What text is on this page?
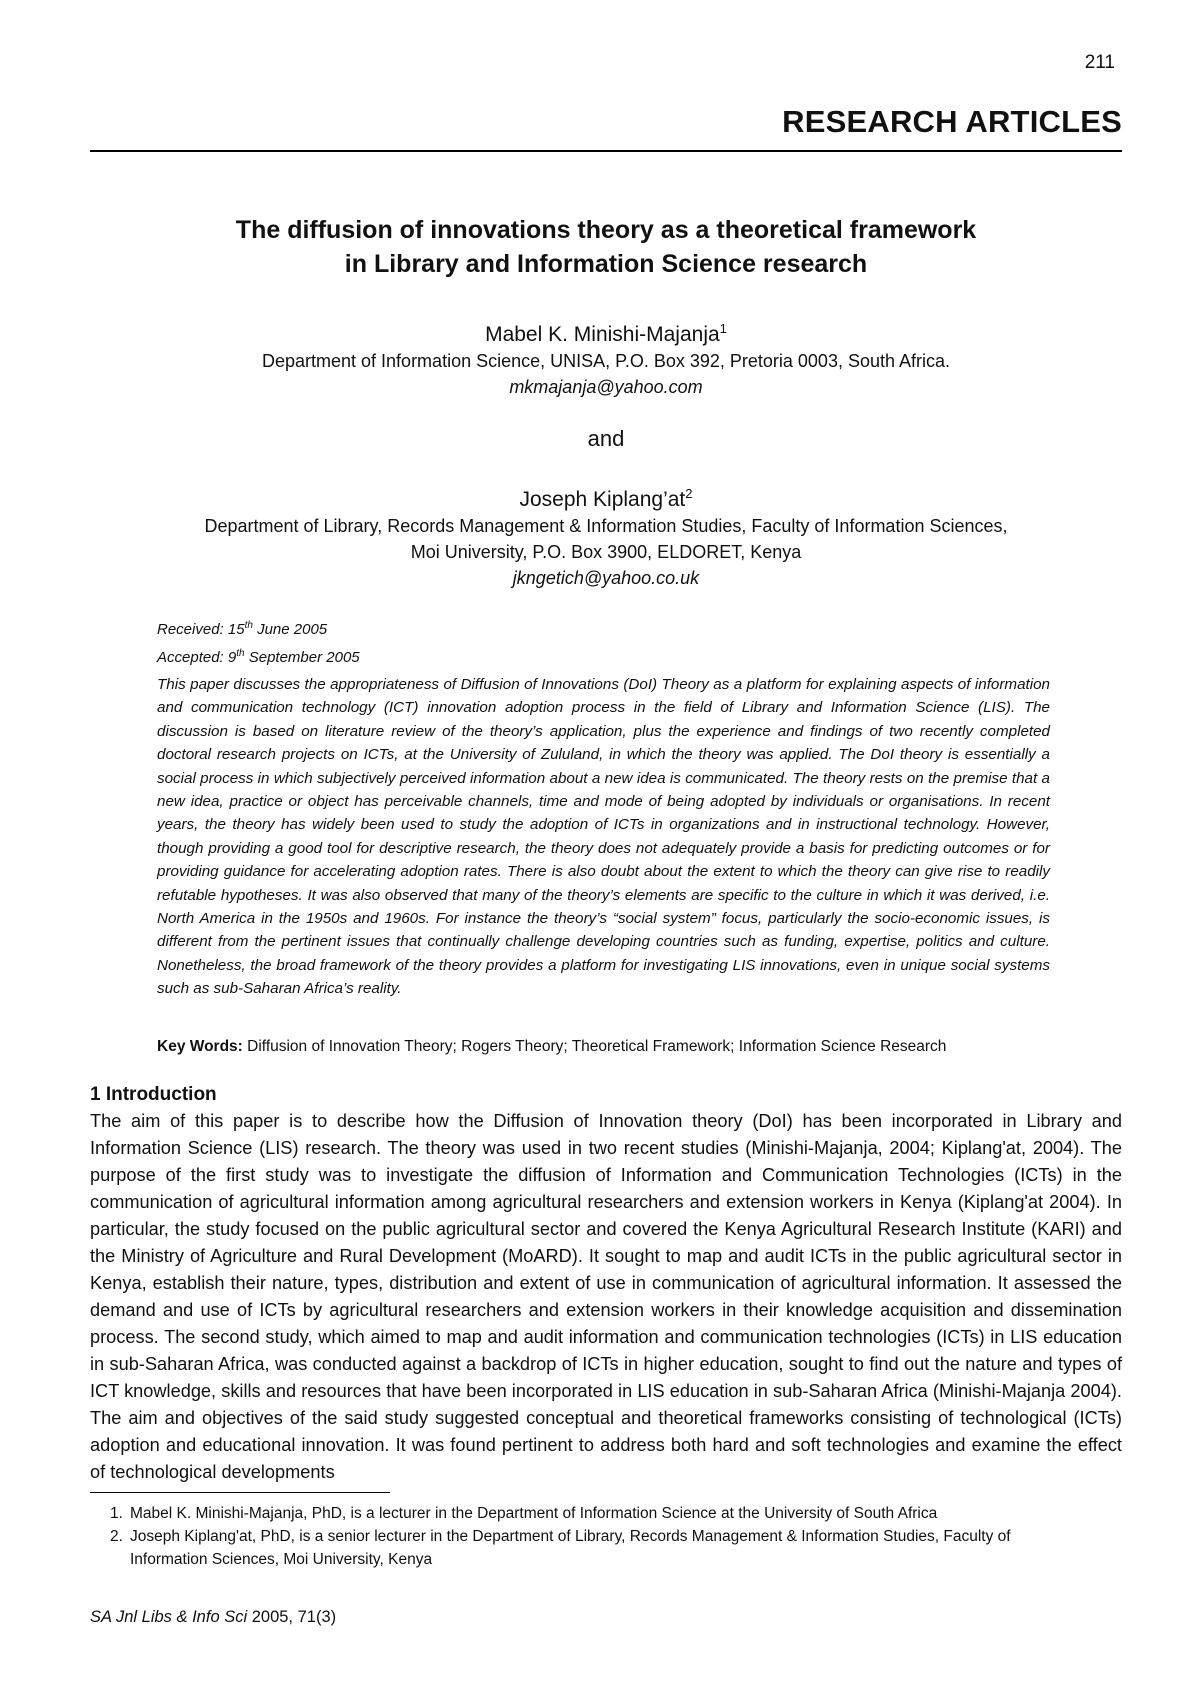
211
RESEARCH ARTICLES
The diffusion of innovations theory as a theoretical framework
in Library and Information Science research
Mabel K. Minishi-Majanja$^1$
Department of Information Science, UNISA, P.O. Box 392, Pretoria 0003, South Africa.
mkmajanja@yahoo.com
and
Joseph $Kiplang’at^2$
Department of Library, Records Management & Information Studies, Faculty of Information Sciences,
Moi University, P.O. Box 3900, ELDORET, Kenya
jkngetich@yahoo.co.uk
Received: 15th June 2005
Accepted: 9th September 2005
This paper discusses the appropriateness of Diffusion of Innovations (DoI) Theory as a platform for explaining aspects of information and communication technology (ICT) innovation adoption process in the field of Library and Information Science (LIS). The discussion is based on literature review of the theory’s application, plus the experience and findings of two recently completed doctoral research projects on ICTs, at the University of Zululand, in which the theory was applied. The DoI theory is essentially a social process in which subjectively perceived information about a new idea is communicated. The theory rests on the premise that a new idea, practice or object has perceivable channels, time and mode of being adopted by individuals or organisations. In recent years, the theory has widely been used to study the adoption of ICTs in organizations and in instructional technology. However, though providing a good tool for descriptive research, the theory does not adequately provide a basis for predicting outcomes or for providing guidance for accelerating adoption rates. There is also doubt about the extent to which the theory can give rise to readily refutable hypotheses. It was also observed that many of the theory’s elements are specific to the culture in which it was derived, i.e. North America in the 1950s and 1960s. For instance the theory’s “social system” focus, particularly the socio-economic issues, is different from the pertinent issues that continually challenge developing countries such as funding, expertise, politics and culture. Nonetheless, the broad framework of the theory provides a platform for investigating LIS innovations, even in unique social systems such as sub-Saharan Africa’s reality.
Key Words: Diffusion of Innovation Theory; Rogers Theory; Theoretical Framework; Information Science Research
1 Introduction
The aim of this paper is to describe how the Diffusion of Innovation theory (DoI) has been incorporated in Library and Information Science (LIS) research. The theory was used in two recent studies (Minishi-Majanja, 2004; Kiplang'at, 2004). The purpose of the first study was to investigate the diffusion of Information and Communication Technologies (ICTs) in the communication of agricultural information among agricultural researchers and extension workers in Kenya (Kiplang'at 2004). In particular, the study focused on the public agricultural sector and covered the Kenya Agricultural Research Institute (KARI) and the Ministry of Agriculture and Rural Development (MoARD). It sought to map and audit ICTs in the public agricultural sector in Kenya, establish their nature, types, distribution and extent of use in communication of agricultural information. It assessed the demand and use of ICTs by agricultural researchers and extension workers in their knowledge acquisition and dissemination process. The second study, which aimed to map and audit information and communication technologies (ICTs) in LIS education in sub-Saharan Africa, was conducted against a backdrop of ICTs in higher education, sought to find out the nature and types of ICT knowledge, skills and resources that have been incorporated in LIS education in sub-Saharan Africa (Minishi-Majanja 2004). The aim and objectives of the said study suggested conceptual and theoretical frameworks consisting of technological (ICTs) adoption and educational innovation. It was found pertinent to address both hard and soft technologies and examine the effect of technological developments
1. Mabel K. Minishi-Majanja, PhD, is a lecturer in the Department of Information Science at the University of South Africa
2. Joseph Kiplang'at, PhD, is a senior lecturer in the Department of Library, Records Management & Information Studies, Faculty of Information Sciences, Moi University, Kenya
SA Jnl Libs & Info Sci 2005, 71(3)
